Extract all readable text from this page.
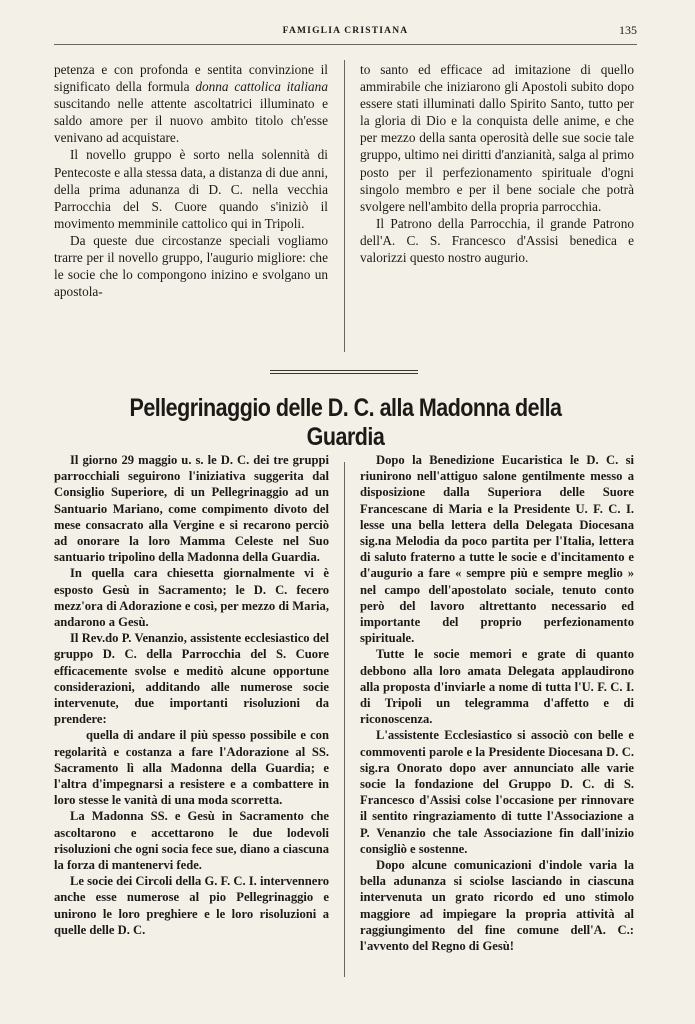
FAMIGLIA CRISTIANA	135

petenza e con profonda e sentita convinzione il significato della formula donna cattolica italiana suscitando nelle attente ascoltatrici illuminato e saldo amore per il nuovo ambito titolo ch'esse venivano ad acquistare.

Il novello gruppo è sorto nella solennità di Pentecoste e alla stessa data, a distanza di due anni, della prima adunanza di D. C. nella vecchia Parrocchia del S. Cuore quando s'iniziò il movimento memminile cattolico qui in Tripoli.

Da queste due circostanze speciali vogliamo trarre per il novello gruppo, l'augurio migliore: che le socie che lo compongono inizino e svolgano un apostola-

to santo ed efficace ad imitazione di quello ammirabile che iniziarono gli Apostoli subito dopo essere stati illuminati dallo Spirito Santo, tutto per la gloria di Dio e la conquista delle anime, e che per mezzo della santa operosità delle sue socie tale gruppo, ultimo nei diritti d'anzianità, salga al primo posto per il perfezionamento spirituale d'ogni singolo membro e per il bene sociale che potrà svolgere nell'ambito della propria parrocchia.

Il Patrono della Parrocchia, il grande Patrono dell'A. C. S. Francesco d'Assisi benedica e valorizzi questo nostro augurio.

Pellegrinaggio delle D. C. alla Madonna della Guardia

Il giorno 29 maggio u. s. le D. C. dei tre gruppi parrocchiali seguirono l'iniziativa suggerita dal Consiglio Superiore, di un Pellegrinaggio ad un Santuario Mariano, come compimento divoto del mese consacrato alla Vergine e si recarono perciò ad onorare la loro Mamma Celeste nel Suo santuario tripolino della Madonna della Guardia.

In quella cara chiesetta giornalmente vi è esposto Gesù in Sacramento; le D. C. fecero mezz'ora di Adorazione e così, per mezzo di Maria, andarono a Gesù.

Il Rev.do P. Venanzio, assistente ecclesiastico del gruppo D. C. della Parrocchia del S. Cuore efficacemente svolse e meditò alcune opportune considerazioni, additando alle numerose socie intervenute, due importanti risoluzioni da prendere:

quella di andare il più spesso possibile e con regolarità e costanza a fare l'Adorazione al SS. Sacramento lì alla Madonna della Guardia; e l'altra d'impegnarsi a resistere e a combattere in loro stesse le vanità di una moda scorretta.

La Madonna SS. e Gesù in Sacramento che ascoltarono e accettarono le due lodevoli risoluzioni che ogni socia fece sue, diano a ciascuna la forza di mantenervi fede.

Le socie dei Circoli della G. F. C. I. intervennero anche esse numerose al pio Pellegrinaggio e unirono le loro preghiere e le loro risoluzioni a quelle delle D. C.

Dopo la Benedizione Eucaristica le D. C. si riunirono nell'attiguo salone gentilmente messo a disposizione dalla Superiora delle Suore Francescane di Maria e la Presidente U. F. C. I. lesse una bella lettera della Delegata Diocesana sig.na Melodia da poco partita per l'Italia, lettera di saluto fraterno a tutte le socie e d'incitamento e d'augurio a fare « sempre più e sempre meglio » nel campo dell'apostolato sociale, tenuto conto però del lavoro altrettanto necessario ed importante del proprio perfezionamento spirituale.

Tutte le socie memori e grate di quanto debbono alla loro amata Delegata applaudirono alla proposta d'inviarle a nome di tutta l'U. F. C. I. di Tripoli un telegramma d'affetto e di riconoscenza.

L'assistente Ecclesiastico si associò con belle e commoventi parole e la Presidente Diocesana D. C. sig.ra Onorato dopo aver annunciato alle varie socie la fondazione del Gruppo D. C. di S. Francesco d'Assisi colse l'occasione per rinnovare il sentito ringraziamento di tutte l'Associazione a P. Venanzio che tale Associazione fin dall'inizio consigliò e sostenne.

Dopo alcune comunicazioni d'indole varia la bella adunanza si sciolse lasciando in ciascuna intervenuta un grato ricordo ed uno stimolo maggiore ad impiegare la propria attività al raggiungimento del fine comune dell'A. C.: l'avvento del Regno di Gesù!
